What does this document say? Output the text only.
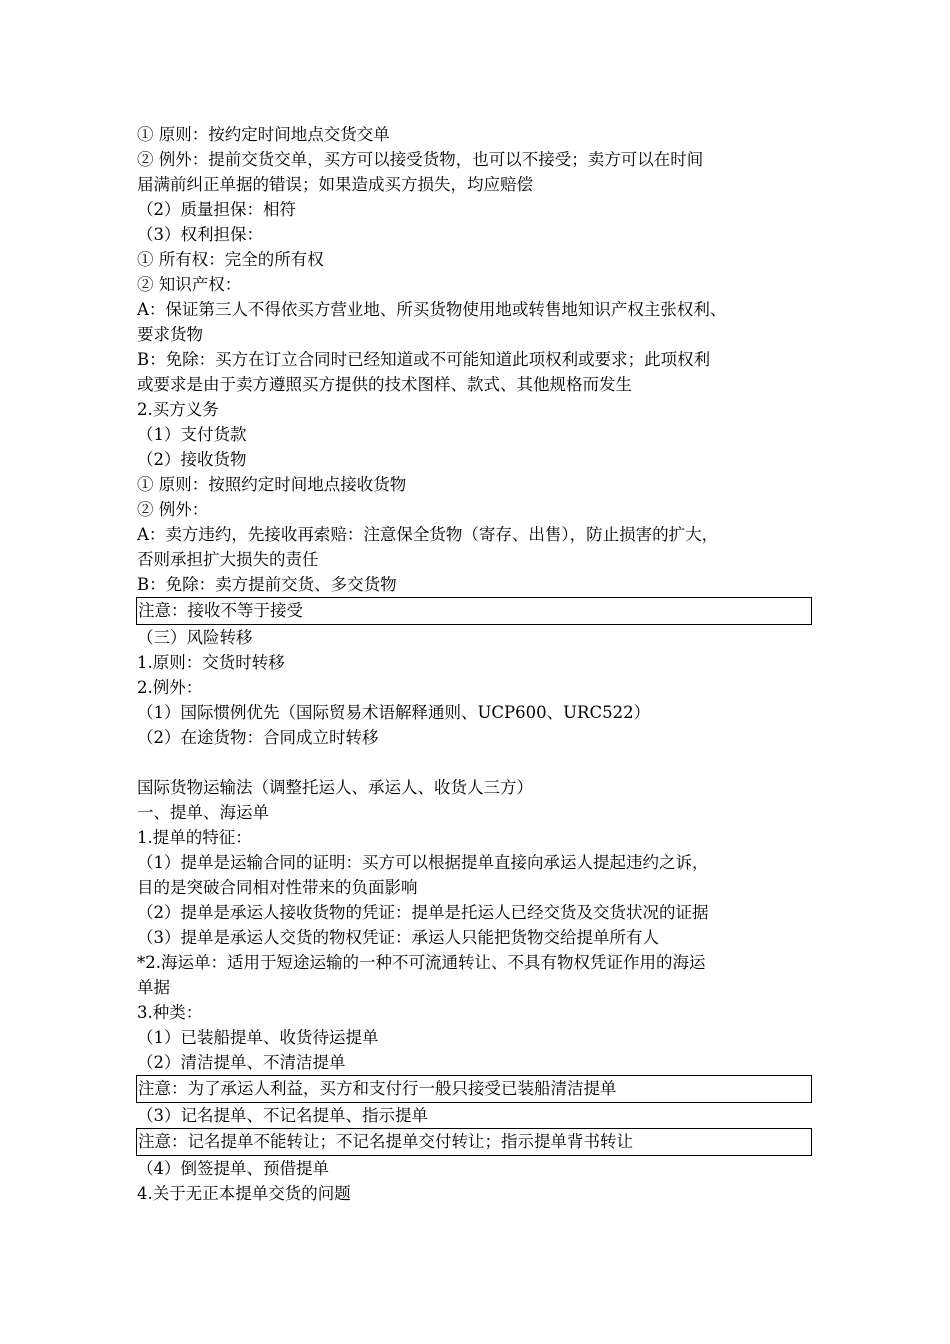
① 原则：按约定时间地点交货交单
② 例外：提前交货交单，买方可以接受货物，也可以不接受；卖方可以在时间
届满前纠正单据的错误；如果造成买方损失，均应赔偿
（2）质量担保：相符
（3）权利担保：
① 所有权：完全的所有权
② 知识产权：
A：保证第三人不得依买方营业地、所买货物使用地或转售地知识产权主张权利、
要求货物
B：免除：买方在订立合同时已经知道或不可能知道此项权利或要求；此项权利
或要求是由于卖方遵照买方提供的技术图样、款式、其他规格而发生
2.买方义务
（1）支付货款
（2）接收货物
① 原则：按照约定时间地点接收货物
② 例外：
A：卖方违约，先接收再索赔：注意保全货物（寄存、出售），防止损害的扩大，
否则承担扩大损失的责任
B：免除：卖方提前交货、多交货物
注意：接收不等于接受
（三）风险转移
1.原则：交货时转移
2.例外：
（1）国际惯例优先（国际贸易术语解释通则、UCP600、URC522）
（2）在途货物：合同成立时转移
国际货物运输法（调整托运人、承运人、收货人三方）
一、提单、海运单
1.提单的特征：
（1）提单是运输合同的证明：买方可以根据提单直接向承运人提起违约之诉，
目的是突破合同相对性带来的负面影响
（2）提单是承运人接收货物的凭证：提单是托运人已经交货及交货状况的证据
（3）提单是承运人交货的物权凭证：承运人只能把货物交给提单所有人
*2.海运单：适用于短途运输的一种不可流通转让、不具有物权凭证作用的海运
单据
3.种类：
（1）已装船提单、收货待运提单
（2）清洁提单、不清洁提单
注意：为了承运人利益，买方和支付行一般只接受已装船清洁提单
（3）记名提单、不记名提单、指示提单
注意：记名提单不能转让；不记名提单交付转让；指示提单背书转让
（4）倒签提单、预借提单
4.关于无正本提单交货的问题
